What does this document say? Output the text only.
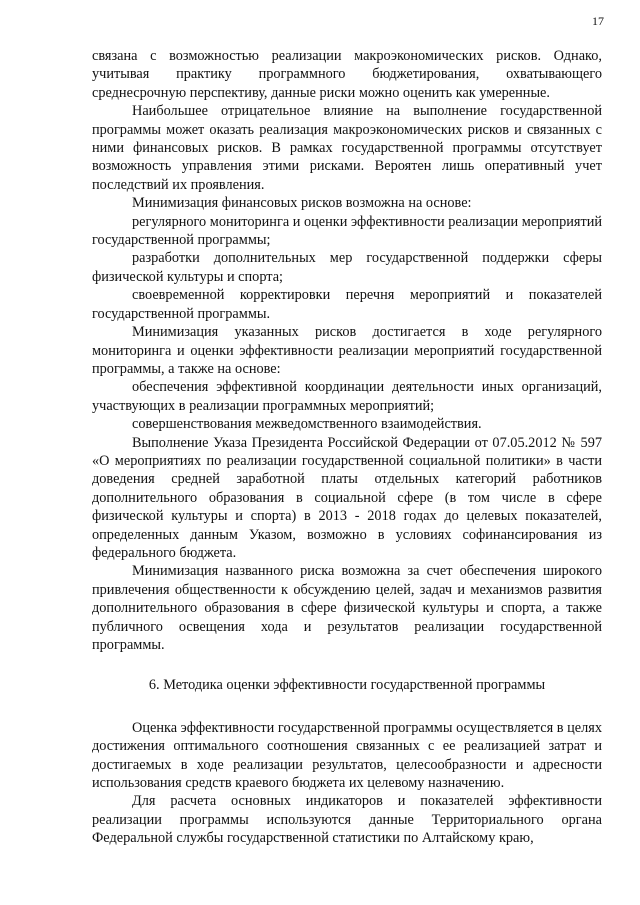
17

связана с возможностью реализации макроэкономических рисков. Однако, учитывая практику программного бюджетирования, охватывающего среднесрочную перспективу, данные риски можно оценить как умеренные.

Наибольшее отрицательное влияние на выполнение государственной программы может оказать реализация макроэкономических рисков и связанных с ними финансовых рисков. В рамках государственной программы отсутствует возможность управления этими рисками. Вероятен лишь оперативный учет последствий их проявления.

Минимизация финансовых рисков возможна на основе:

регулярного мониторинга и оценки эффективности реализации мероприятий государственной программы;

разработки дополнительных мер государственной поддержки сферы физической культуры и спорта;

своевременной корректировки перечня мероприятий и показателей государственной программы.

Минимизация указанных рисков достигается в ходе регулярного мониторинга и оценки эффективности реализации мероприятий государственной программы, а также на основе:

обеспечения эффективной координации деятельности иных организаций, участвующих в реализации программных мероприятий;

совершенствования межведомственного взаимодействия.

Выполнение Указа Президента Российской Федерации от 07.05.2012 № 597 «О мероприятиях по реализации государственной социальной политики» в части доведения средней заработной платы отдельных категорий работников дополнительного образования в социальной сфере (в том числе в сфере физической культуры и спорта) в 2013 - 2018 годах до целевых показателей, определенных данным Указом, возможно в условиях софинансирования из федерального бюджета.

Минимизация названного риска возможна за счет обеспечения широкого привлечения общественности к обсуждению целей, задач и механизмов развития дополнительного образования в сфере физической культуры и спорта, а также публичного освещения хода и результатов реализации государственной программы.

6. Методика оценки эффективности государственной программы

Оценка эффективности государственной программы осуществляется в целях достижения оптимального соотношения связанных с ее реализацией затрат и достигаемых в ходе реализации результатов, целесообразности и адресности использования средств краевого бюджета их целевому назначению.

Для расчета основных индикаторов и показателей эффективности реализации программы используются данные Территориального органа Федеральной службы государственной статистики по Алтайскому краю,
